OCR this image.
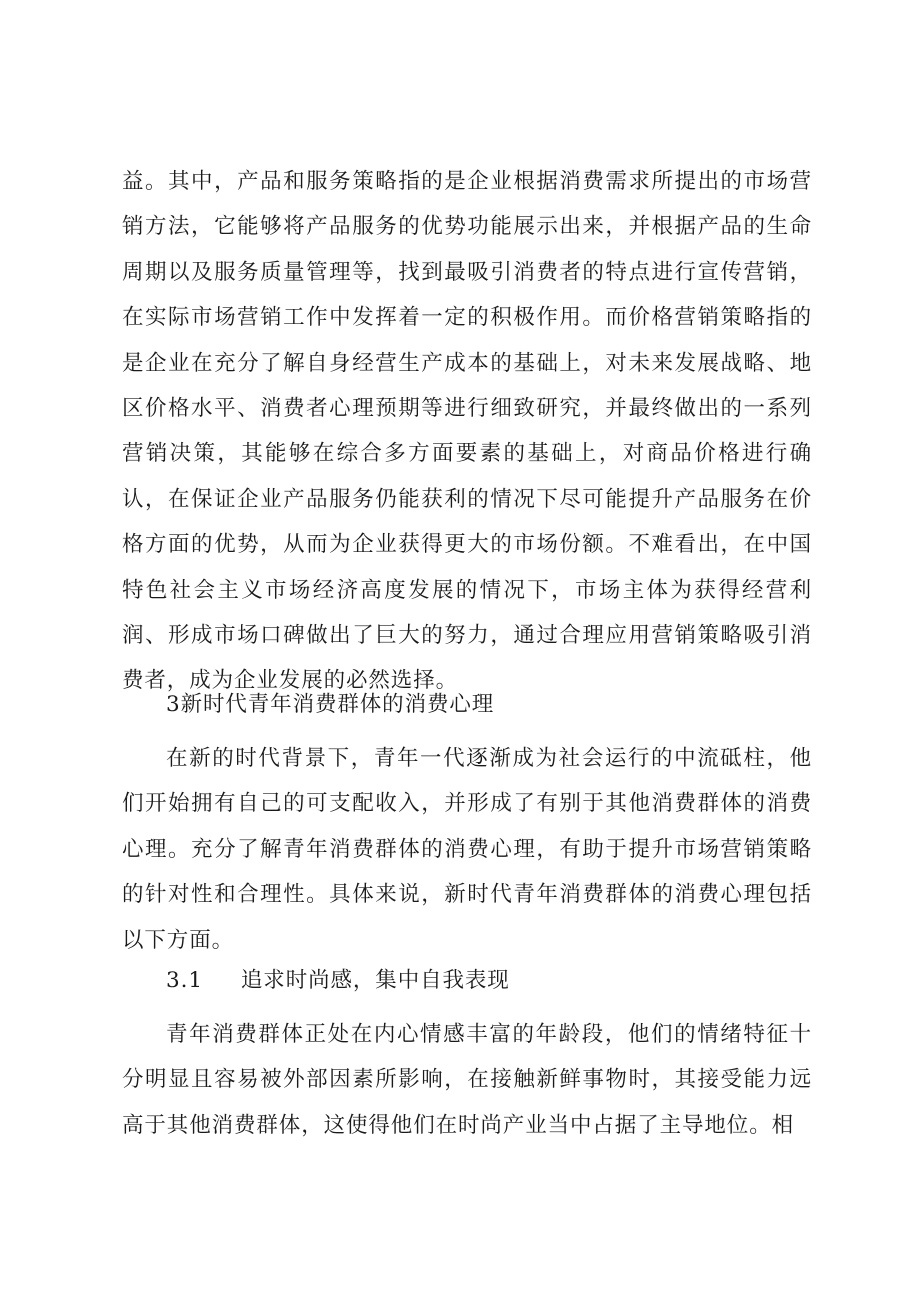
益。其中，产品和服务策略指的是企业根据消费需求所提出的市场营销方法，它能够将产品服务的优势功能展示出来，并根据产品的生命周期以及服务质量管理等，找到最吸引消费者的特点进行宣传营销，在实际市场营销工作中发挥着一定的积极作用。而价格营销策略指的是企业在充分了解自身经营生产成本的基础上，对未来发展战略、地区价格水平、消费者心理预期等进行细致研究，并最终做出的一系列营销决策，其能够在综合多方面要素的基础上，对商品价格进行确认，在保证企业产品服务仍能获利的情况下尽可能提升产品服务在价格方面的优势，从而为企业获得更大的市场份额。不难看出，在中国特色社会主义市场经济高度发展的情况下，市场主体为获得经营利润、形成市场口碑做出了巨大的努力，通过合理应用营销策略吸引消费者，成为企业发展的必然选择。

3新时代青年消费群体的消费心理

在新的时代背景下，青年一代逐渐成为社会运行的中流砥柱，他们开始拥有自己的可支配收入，并形成了有别于其他消费群体的消费心理。充分了解青年消费群体的消费心理，有助于提升市场营销策略的针对性和合理性。具体来说，新时代青年消费群体的消费心理包括以下方面。

3.1 追求时尚感，集中自我表现

青年消费群体正处在内心情感丰富的年龄段，他们的情绪特征十分明显且容易被外部因素所影响，在接触新鲜事物时，其接受能力远高于其他消费群体，这使得他们在时尚产业当中占据了主导地位。相
